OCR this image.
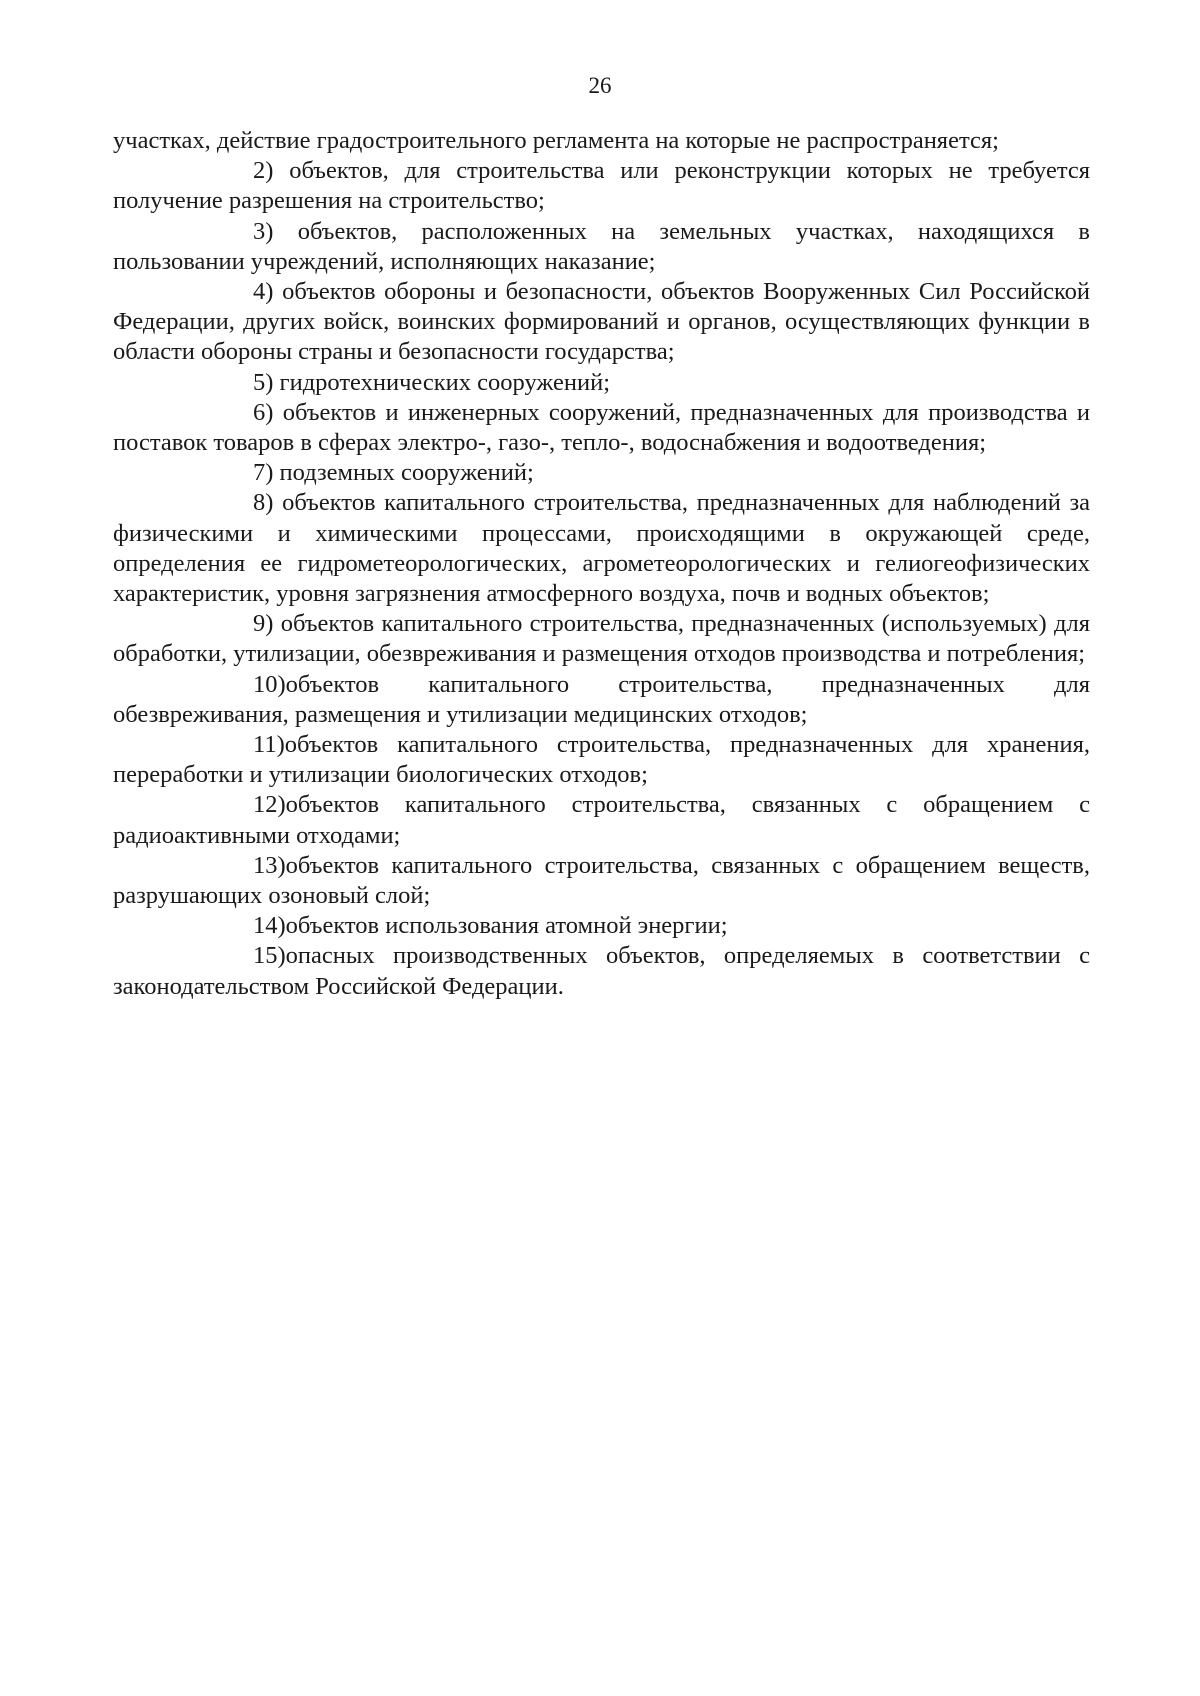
26

участках, действие градостроительного регламента на которые не распространяется;

2) объектов, для строительства или реконструкции которых не требуется получение разрешения на строительство;

3) объектов, расположенных на земельных участках, находящихся в пользовании учреждений, исполняющих наказание;

4) объектов обороны и безопасности, объектов Вооруженных Сил Российской Федерации, других войск, воинских формирований и органов, осуществляющих функции в области обороны страны и безопасности государства;

5) гидротехнических сооружений;

6) объектов и инженерных сооружений, предназначенных для производства и поставок товаров в сферах электро-, газо-, тепло-, водоснабжения и водоотведения;

7) подземных сооружений;

8) объектов капитального строительства, предназначенных для наблюдений за физическими и химическими процессами, происходящими в окружающей среде, определения ее гидрометеорологических, агрометеорологических и гелиогеофизических характеристик, уровня загрязнения атмосферного воздуха, почв и водных объектов;

9) объектов капитального строительства, предназначенных (используемых) для обработки, утилизации, обезвреживания и размещения отходов производства и потребления;

10)объектов капитального строительства, предназначенных для обезвреживания, размещения и утилизации медицинских отходов;

11)объектов капитального строительства, предназначенных для хранения, переработки и утилизации биологических отходов;

12)объектов капитального строительства, связанных с обращением с радиоактивными отходами;

13)объектов капитального строительства, связанных с обращением веществ, разрушающих озоновый слой;

14)объектов использования атомной энергии;

15)опасных производственных объектов, определяемых в соответствии с законодательством Российской Федерации.
